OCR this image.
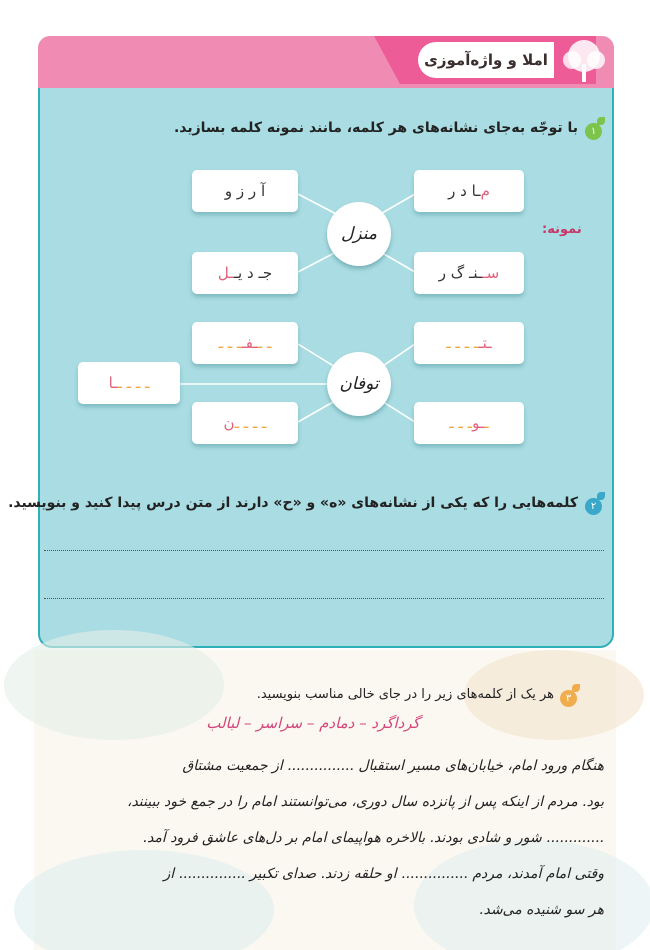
املا و واژه‌آموزی
۱
با توجّه به‌جای نشانه‌های هر کلمه، مانند نمونه کلمه بسازید.
نمونه:
منزل
توفان
م
ـا د ر
سـ
ـنـ گ ر
آ ر ز و
جـ د یـ
ـل
ـتـ
ـ ـ ـ ـ
ـ
ـو
ـ ـ ـ
ـ ـ
ـفـ
ـ ـ ـ
ـ ـ ـ ـ
ن
ـ ـ ـ ـ
ـا
۲
کلمه‌هایی را که یکی از نشانه‌های «ه» و «ح» دارند از متن درس پیدا کنید و بنویسید.
۳
هر یک از کلمه‌های زیر را در جای خالی مناسب بنویسید.
گرداگرد – دمادم – سراسر – لبالب
هنگام ورود امام، خیابان‌های مسیر استقبال ............... از جمعیت مشتاق
بود. مردم از اینکه پس از پانزده سال دوری، می‌توانستند امام را در جمع خود ببینند،
............. شور و شادی بودند. بالاخره هواپیمای امام بر دل‌های عاشق فرود آمد.
وقتی امام آمدند، مردم ............... او حلقه زدند. صدای تکبیر ............... از
هر سو شنیده می‌شد.
